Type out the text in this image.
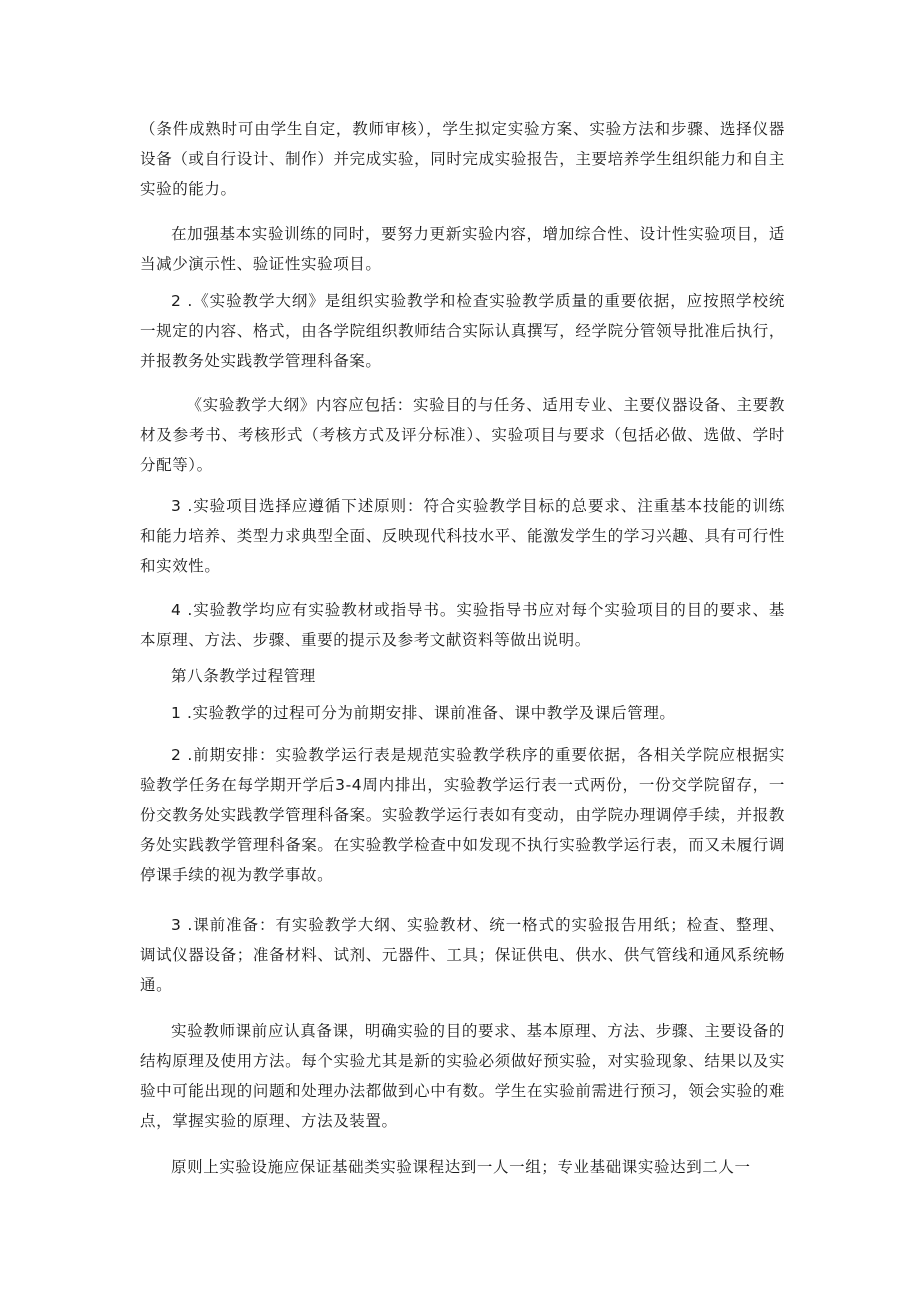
（条件成熟时可由学生自定，教师审核），学生拟定实验方案、实验方法和步骤、选择仪器设备（或自行设计、制作）并完成实验，同时完成实验报告，主要培养学生组织能力和自主实验的能力。

在加强基本实验训练的同时，要努力更新实验内容，增加综合性、设计性实验项目，适当减少演示性、验证性实验项目。

2 .《实验教学大纲》是组织实验教学和检查实验教学质量的重要依据，应按照学校统一规定的内容、格式，由各学院组织教师结合实际认真撰写，经学院分管领导批准后执行，并报教务处实践教学管理科备案。

《实验教学大纲》内容应包括：实验目的与任务、适用专业、主要仪器设备、主要教材及参考书、考核形式（考核方式及评分标准）、实验项目与要求（包括必做、选做、学时分配等）。

3 .实验项目选择应遵循下述原则：符合实验教学目标的总要求、注重基本技能的训练和能力培养、类型力求典型全面、反映现代科技水平、能激发学生的学习兴趣、具有可行性和实效性。

4 .实验教学均应有实验教材或指导书。实验指导书应对每个实验项目的目的要求、基本原理、方法、步骤、重要的提示及参考文献资料等做出说明。

第八条教学过程管理

1 .实验教学的过程可分为前期安排、课前准备、课中教学及课后管理。

2 .前期安排：实验教学运行表是规范实验教学秩序的重要依据，各相关学院应根据实验教学任务在每学期开学后3-4周内排出，实验教学运行表一式两份，一份交学院留存，一份交教务处实践教学管理科备案。实验教学运行表如有变动，由学院办理调停手续，并报教务处实践教学管理科备案。在实验教学检查中如发现不执行实验教学运行表，而又未履行调停课手续的视为教学事故。

3 .课前准备：有实验教学大纲、实验教材、统一格式的实验报告用纸；检查、整理、调试仪器设备；准备材料、试剂、元器件、工具；保证供电、供水、供气管线和通风系统畅通。

实验教师课前应认真备课，明确实验的目的要求、基本原理、方法、步骤、主要设备的结构原理及使用方法。每个实验尤其是新的实验必须做好预实验，对实验现象、结果以及实验中可能出现的问题和处理办法都做到心中有数。学生在实验前需进行预习，领会实验的难点，掌握实验的原理、方法及装置。

原则上实验设施应保证基础类实验课程达到一人一组；专业基础课实验达到二人一
